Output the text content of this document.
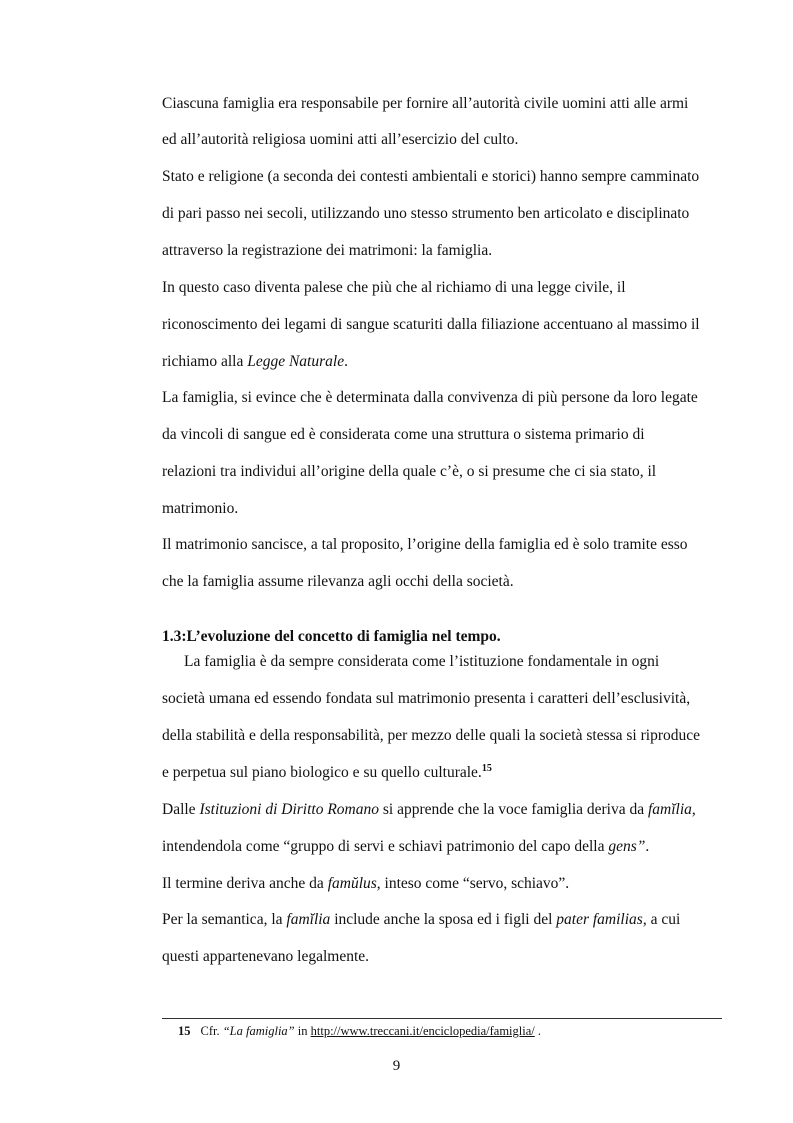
Ciascuna famiglia era responsabile per fornire all’autorità civile uomini atti alle armi
ed all’autorità religiosa uomini atti all’esercizio del culto.
Stato e religione (a seconda dei contesti ambientali e storici) hanno sempre camminato
di pari passo nei secoli, utilizzando uno stesso strumento ben articolato e disciplinato
attraverso la registrazione dei matrimoni: la famiglia.
In questo caso diventa palese che più che al richiamo di una legge civile, il
riconoscimento dei legami di sangue scaturiti dalla filiazione accentuano al massimo il
richiamo alla Legge Naturale.
La famiglia, si evince che è determinata dalla convivenza di più persone da loro legate
da vincoli di sangue ed è considerata come una struttura o sistema primario di
relazioni tra individui all’origine della quale c’è, o si presume che ci sia stato, il
matrimonio.
Il matrimonio sancisce, a tal proposito, l’origine della famiglia ed è solo tramite esso
che la famiglia assume rilevanza agli occhi della società.
1.3:L’evoluzione del concetto di famiglia nel tempo.
La famiglia è da sempre considerata come l’istituzione fondamentale in ogni
società umana ed essendo fondata sul matrimonio presenta i caratteri dell’esclusività,
della stabilità e della responsabilità, per mezzo delle quali la società stessa si riproduce
e perpetua sul piano biologico e su quello culturale.$^{15}$
Dalle Istituzioni di Diritto Romano si apprende che la voce famiglia deriva da famĭlia,
intendendola come “gruppo di servi e schiavi patrimonio del capo della gens”.
Il termine deriva anche da famŭlus, inteso come “servo, schiavo”.
Per la semantica, la famĭlia include anche la sposa ed i figli del pater familias, a cui
questi appartenevano legalmente.
15 Cfr. “La famiglia” in http://www.treccani.it/enciclopedia/famiglia/ .
9
